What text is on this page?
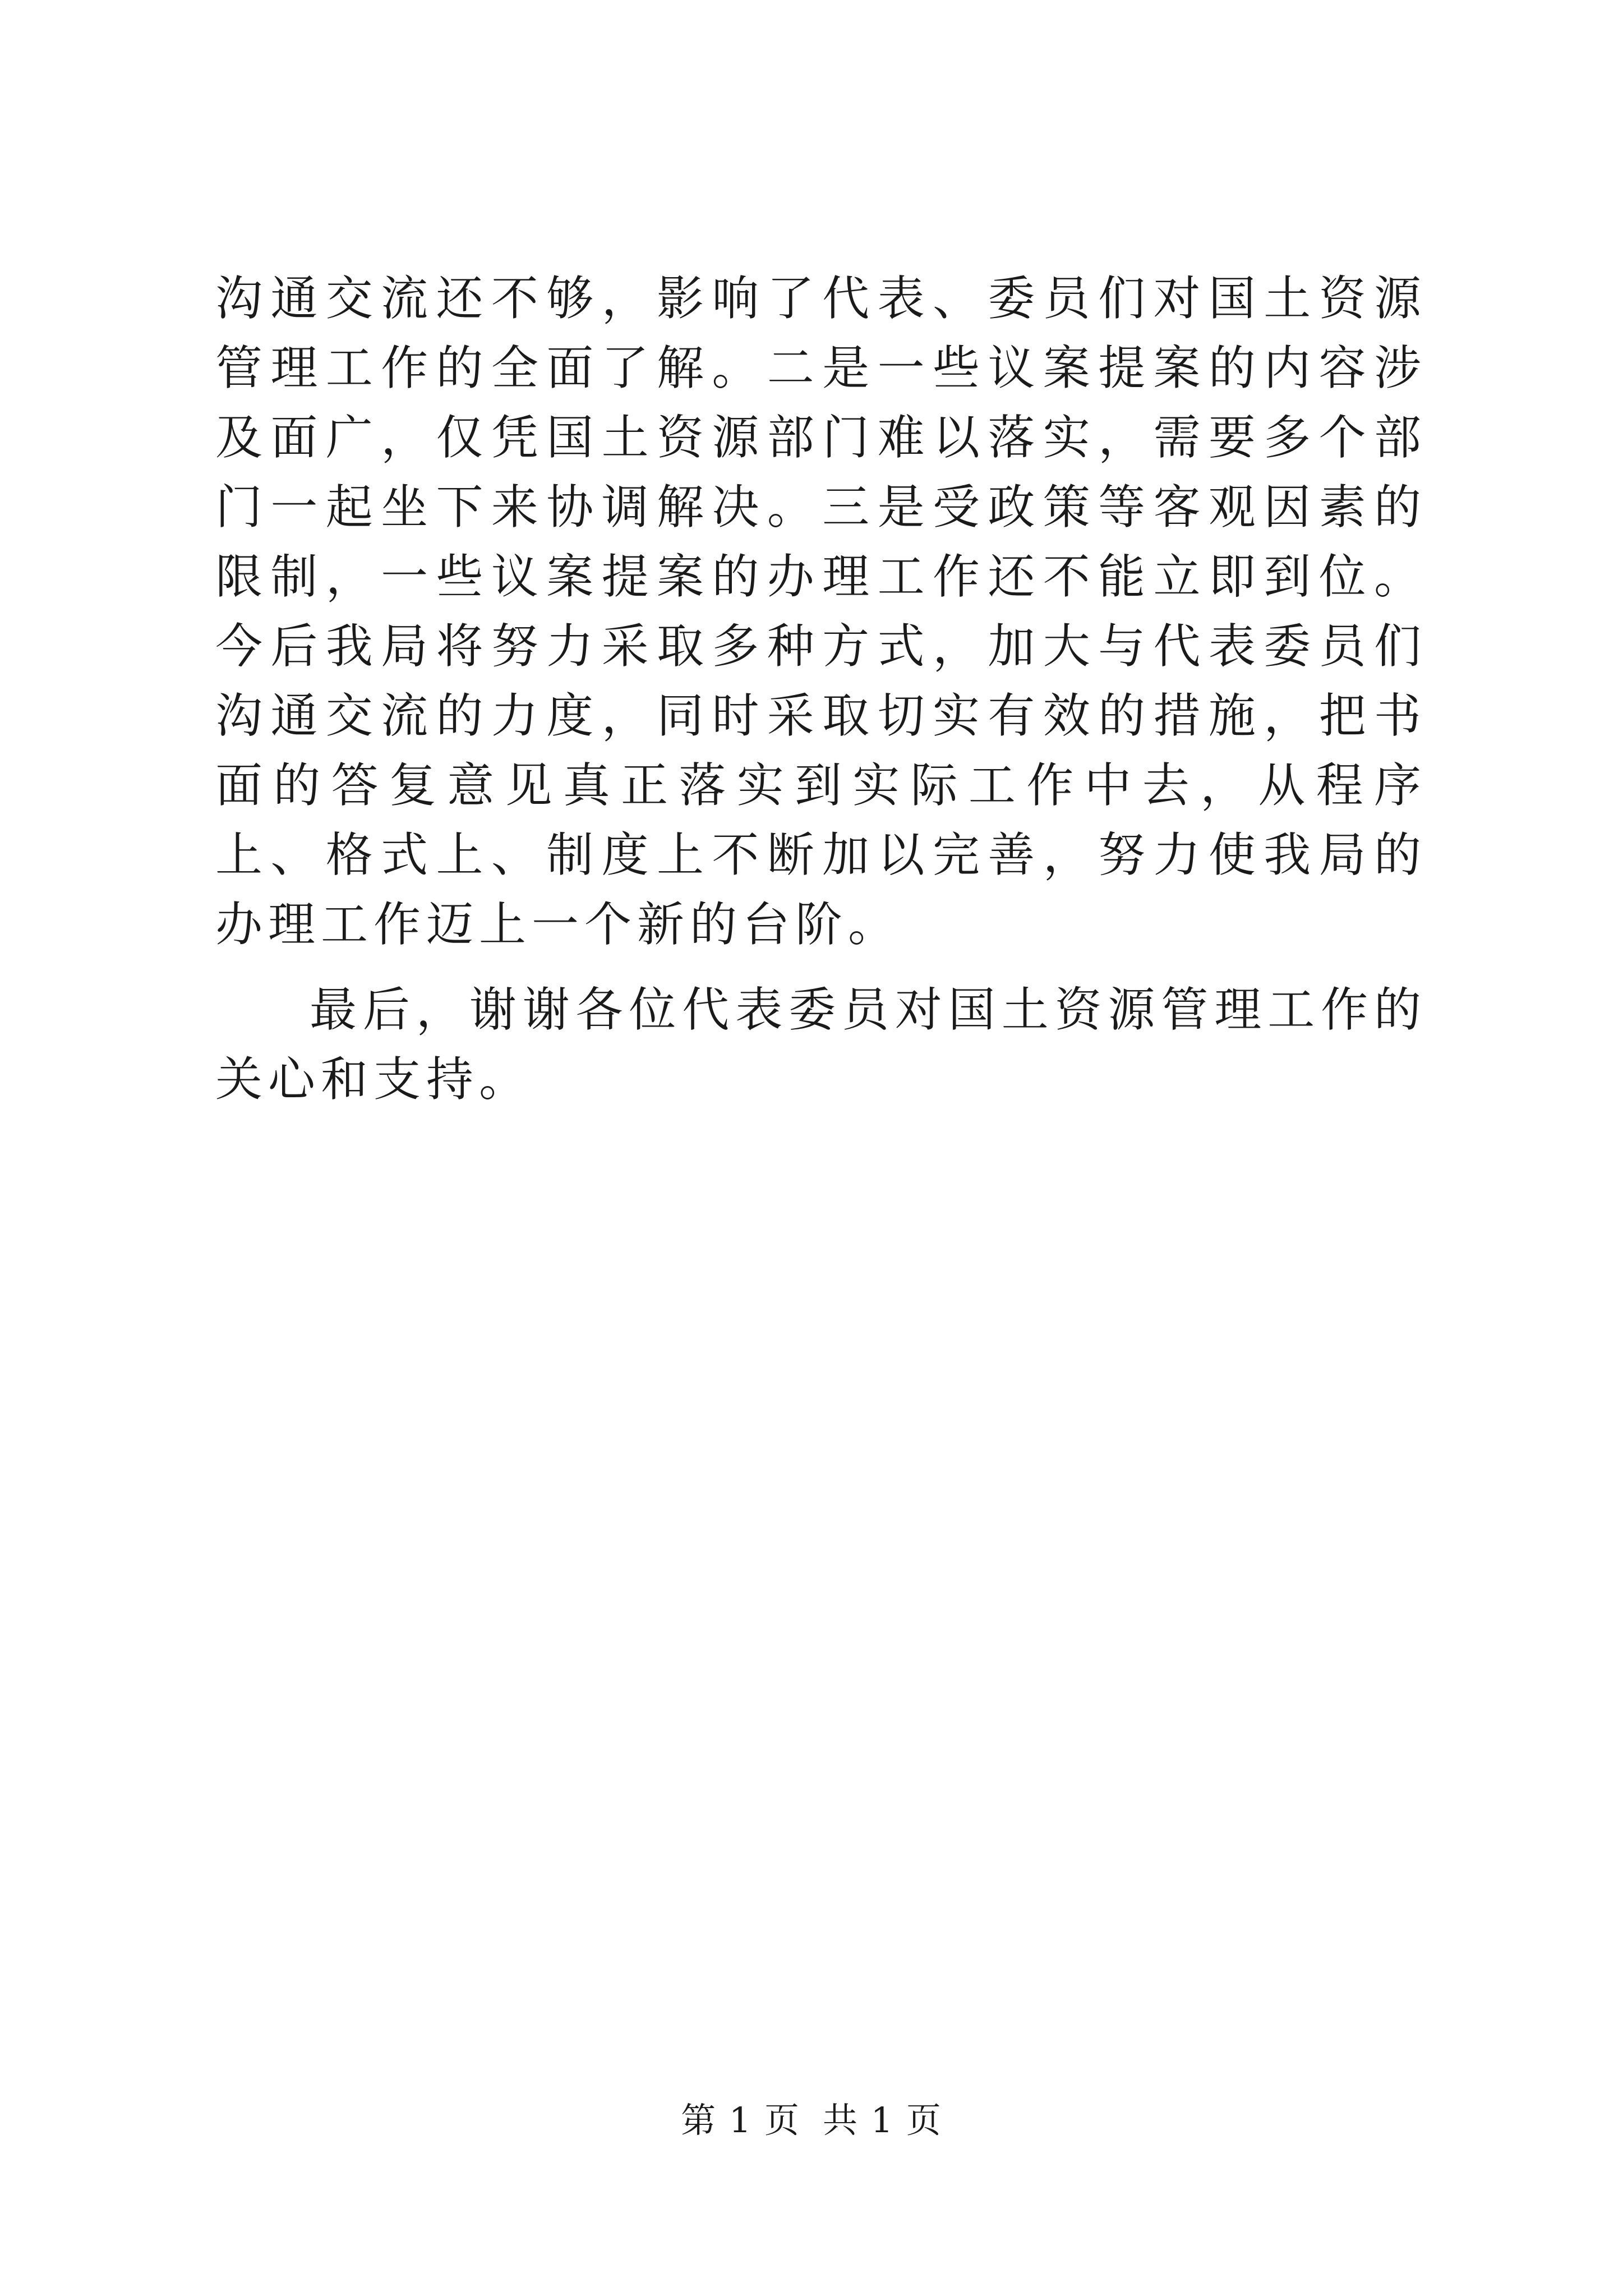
沟通交流还不够，影响了代表、委员们对国土资源管理工作的全面了解。二是一些议案提案的内容涉及面广，仅凭国土资源部门难以落实，需要多个部门一起坐下来协调解决。三是受政策等客观因素的限制，一些议案提案的办理工作还不能立即到位。今后我局将努力采取多种方式，加大与代表委员们沟通交流的力度，同时采取切实有效的措施，把书面的答复意见真正落实到实际工作中去，从程序上、格式上、制度上不断加以完善，努力使我局的办理工作迈上一个新的台阶。

最后，谢谢各位代表委员对国土资源管理工作的关心和支持。

第 1 页 共 1 页
